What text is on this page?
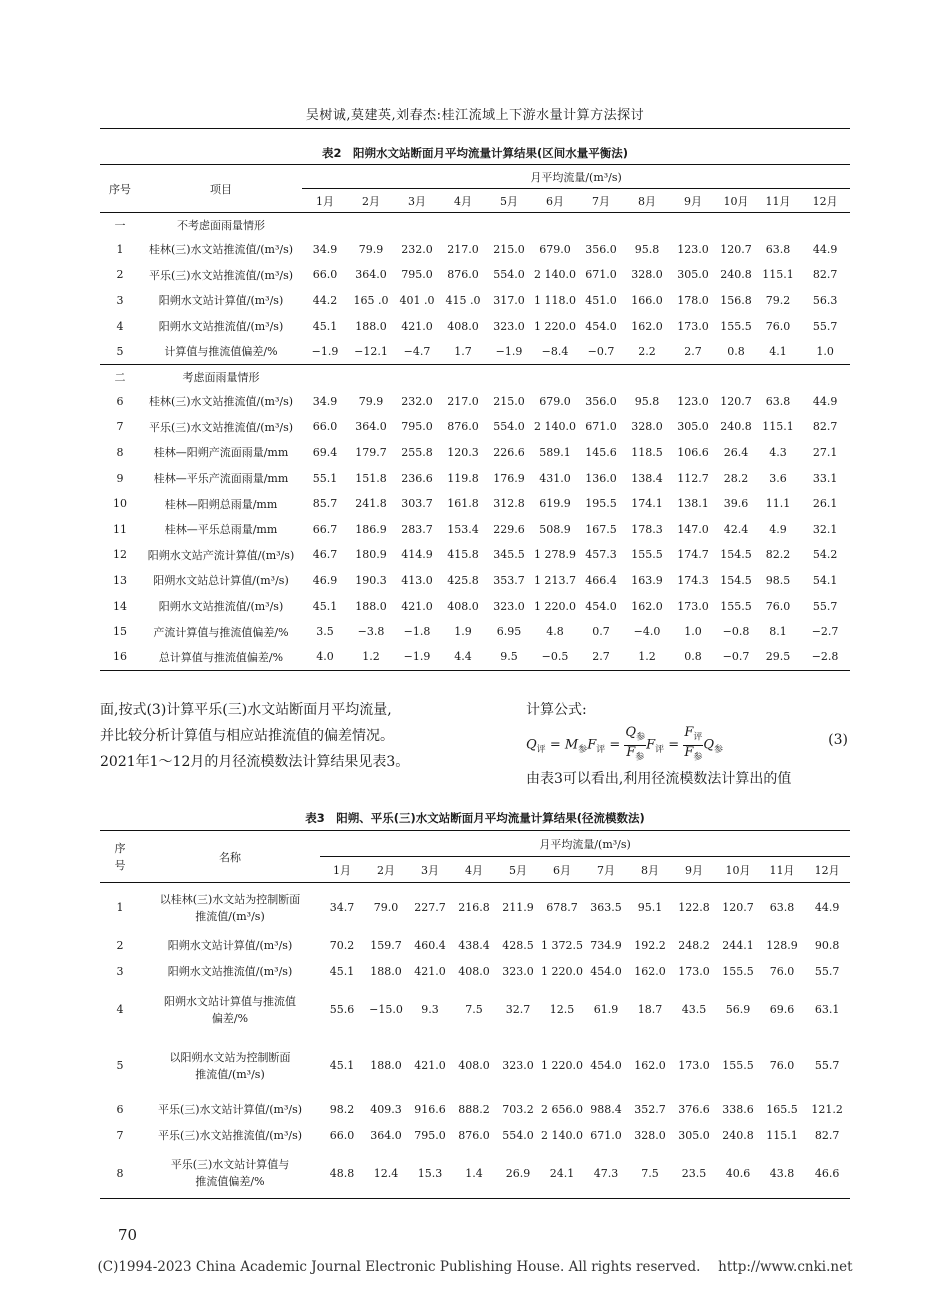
吴树诚,莫建英,刘春杰:桂江流域上下游水量计算方法探讨
表2　阳朔水文站断面月平均流量计算结果(区间水量平衡法)
序号	项目	月平均流量/(m³/s)											
		1月	2月	3月	4月	5月	6月	7月	8月	9月	10月	11月	12月
一	不考虑面雨量情形												
1	桂林(三)水文站推流值/(m³/s)	34.9	79.9	232.0	217.0	215.0	679.0	356.0	95.8	123.0	120.7	63.8	44.9
2	平乐(三)水文站推流值/(m³/s)	66.0	364.0	795.0	876.0	554.0	2 140.0	671.0	328.0	305.0	240.8	115.1	82.7
3	阳朔水文站计算值/(m³/s)	44.2	165 .0	401 .0	415 .0	317.0	1 118.0	451.0	166.0	178.0	156.8	79.2	56.3
4	阳朔水文站推流值/(m³/s)	45.1	188.0	421.0	408.0	323.0	1 220.0	454.0	162.0	173.0	155.5	76.0	55.7
5	计算值与推流值偏差/%	−1.9	−12.1	−4.7	1.7	−1.9	−8.4	−0.7	2.2	2.7	0.8	4.1	1.0
二	考虑面雨量情形												
6	桂林(三)水文站推流值/(m³/s)	34.9	79.9	232.0	217.0	215.0	679.0	356.0	95.8	123.0	120.7	63.8	44.9
7	平乐(三)水文站推流值/(m³/s)	66.0	364.0	795.0	876.0	554.0	2 140.0	671.0	328.0	305.0	240.8	115.1	82.7
8	桂林—阳朔产流面雨量/mm	69.4	179.7	255.8	120.3	226.6	589.1	145.6	118.5	106.6	26.4	4.3	27.1
9	桂林—平乐产流面雨量/mm	55.1	151.8	236.6	119.8	176.9	431.0	136.0	138.4	112.7	28.2	3.6	33.1
10	桂林—阳朔总雨量/mm	85.7	241.8	303.7	161.8	312.8	619.9	195.5	174.1	138.1	39.6	11.1	26.1
11	桂林—平乐总雨量/mm	66.7	186.9	283.7	153.4	229.6	508.9	167.5	178.3	147.0	42.4	4.9	32.1
12	阳朔水文站产流计算值/(m³/s)	46.7	180.9	414.9	415.8	345.5	1 278.9	457.3	155.5	174.7	154.5	82.2	54.2
13	阳朔水文站总计算值/(m³/s)	46.9	190.3	413.0	425.8	353.7	1 213.7	466.4	163.9	174.3	154.5	98.5	54.1
14	阳朔水文站推流值/(m³/s)	45.1	188.0	421.0	408.0	323.0	1 220.0	454.0	162.0	173.0	155.5	76.0	55.7
15	产流计算值与推流值偏差/%	3.5	−3.8	−1.8	1.9	6.95	4.8	0.7	−4.0	1.0	−0.8	8.1	−2.7
16	总计算值与推流值偏差/%	4.0	1.2	−1.9	4.4	9.5	−0.5	2.7	1.2	0.8	−0.7	29.5	−2.8
面,按式(3)计算平乐(三)水文站断面月平均流量,
并比较分析计算值与相应站推流值的偏差情况。
2021年1～12月的月径流模数法计算结果见表3。
计算公式:
$Q_评 = M_参F_评 = \frac{Q_参}{F_参} F_评 = \frac{F_评}{F_参} Q_参$
(3)
由表3可以看出,利用径流模数法计算出的值
表3　阳朔、平乐(三)水文站断面月平均流量计算结果(径流模数法)
序
号	名称	月平均流量/(m³/s)											
		1月	2月	3月	4月	5月	6月	7月	8月	9月	10月	11月	12月
1	以桂林(三)水文站为控制断面
推流值/(m³/s)	34.7	79.0	227.7	216.8	211.9	678.7	363.5	95.1	122.8	120.7	63.8	44.9
2	阳朔水文站计算值/(m³/s)	70.2	159.7	460.4	438.4	428.5	1 372.5	734.9	192.2	248.2	244.1	128.9	90.8
3	阳朔水文站推流值/(m³/s)	45.1	188.0	421.0	408.0	323.0	1 220.0	454.0	162.0	173.0	155.5	76.0	55.7
4	阳朔水文站计算值与推流值
偏差/%	55.6	−15.0	9.3	7.5	32.7	12.5	61.9	18.7	43.5	56.9	69.6	63.1
5	以阳朔水文站为控制断面
推流值/(m³/s)	45.1	188.0	421.0	408.0	323.0	1 220.0	454.0	162.0	173.0	155.5	76.0	55.7
6	平乐(三)水文站计算值/(m³/s)	98.2	409.3	916.6	888.2	703.2	2 656.0	988.4	352.7	376.6	338.6	165.5	121.2
7	平乐(三)水文站推流值/(m³/s)	66.0	364.0	795.0	876.0	554.0	2 140.0	671.0	328.0	305.0	240.8	115.1	82.7
8	平乐(三)水文站计算值与
推流值偏差/%	48.8	12.4	15.3	1.4	26.9	24.1	47.3	7.5	23.5	40.6	43.8	46.6
70
(C)1994-2023 China Academic Journal Electronic Publishing House. All rights reserved.　 http://www.cnki.net
